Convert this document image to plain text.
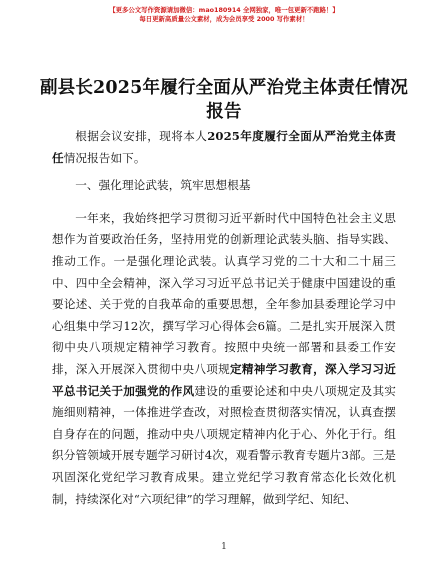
【更多公文写作资源请加微信：mao180914 全网独家，唯一包更新不跑路！】
每日更新高质量公文素材，成为会员享受 2000 写作素材！
副县长2025年履行全面从严治党主体责任情况
报告

根据会议安排，现将本人2025年度履行全面从严治党主体责任情况报告如下。

一、强化理论武装，筑牢思想根基

一年来，我始终把学习贯彻习近平新时代中国特色社会主义思想作为首要政治任务，坚持用党的创新理论武装头脑、指导实践、推动工作。一是强化理论武装。认真学习党的二十大和二十届三中、四中全会精神，深入学习习近平总书记关于健康中国建设的重要论述、关于党的自我革命的重要思想，全年参加县委理论学习中心组集中学习12次，撰写学习心得体会6篇。二是扎实开展深入贯彻中央八项规定精神学习教育。按照中央统一部署和县委工作安排，深入开展深入贯彻中央八项规定精神学习教育，深入学习习近平总书记关于加强党的作风建设的重要论述和中央八项规定及其实施细则精神，一体推进学查改，对照检查贯彻落实情况，认真查摆自身存在的问题，推动中央八项规定精神内化于心、外化于行。组织分管领域开展专题学习研讨4次，观看警示教育专题片3部。三是巩固深化党纪学习教育成果。建立党纪学习教育常态化长效化机制，持续深化对“六项纪律”的学习理解，做到学纪、知纪、

1
